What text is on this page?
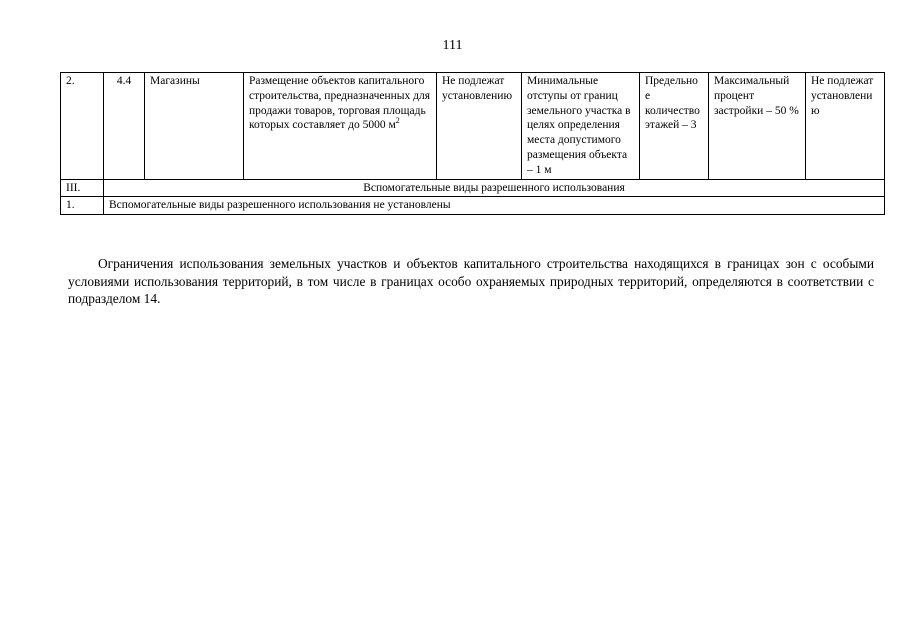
111
2.	4.4	Магазины	Размещение объектов капитального строительства, предназначенных для продажи товаров, торговая площадь которых составляет до 5000 $м^2$	Не подлежат установлению	Минимальные отступы от границ земельного участка в целях определения места допустимого размещения объекта – 1 м	Предельное количество этажей – 3	Максимальный процент застройки – 50 %	Не подлежат установлению
III.	Вспомогательные виды разрешенного использования							
1.	Вспомогательные виды разрешенного использования не установлены							

Ограничения использования земельных участков и объектов капитального строительства находящихся в границах зон с особыми условиями использования территорий, в том числе в границах особо охраняемых природных территорий, определяются в соответствии с подразделом 14.
